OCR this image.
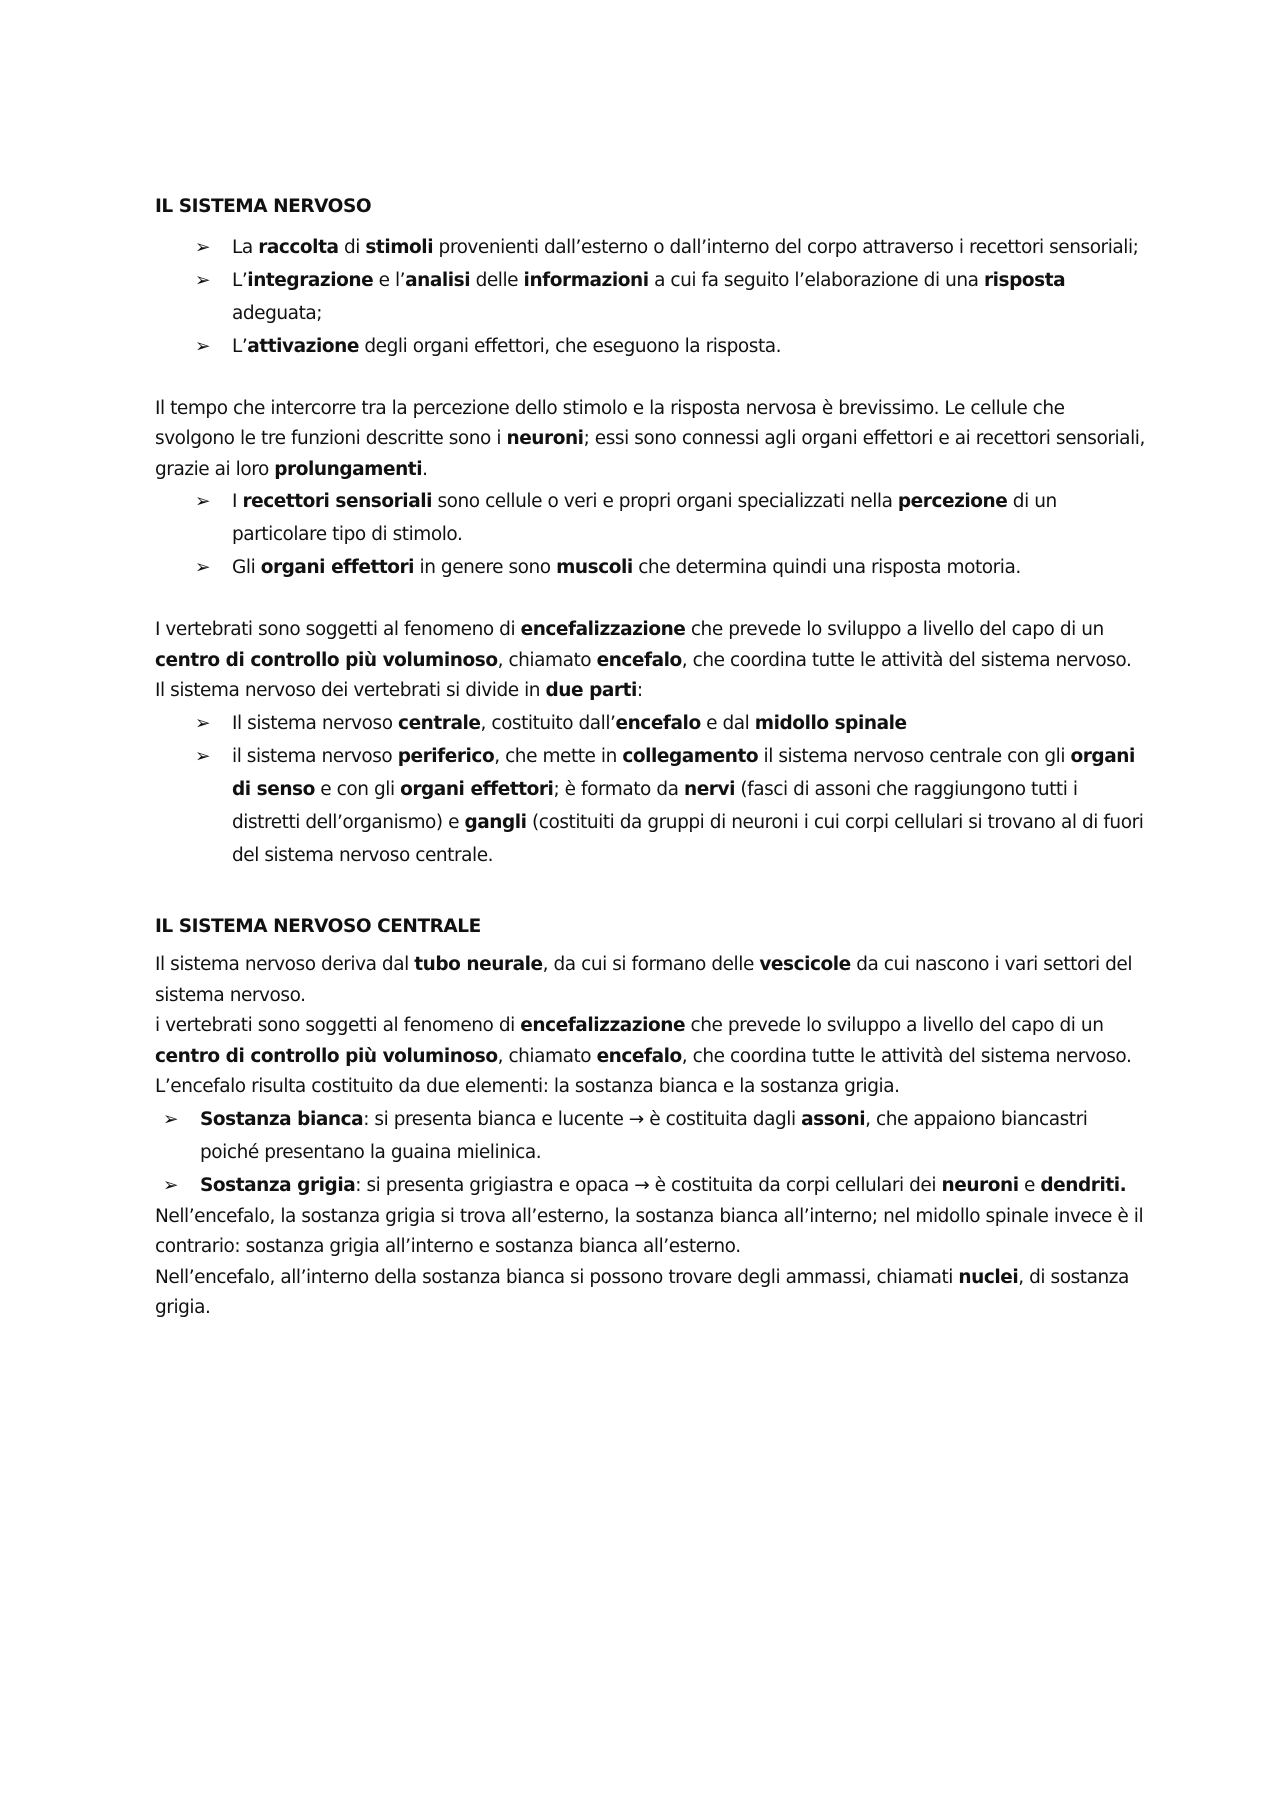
IL SISTEMA NERVOSO

➢	La raccolta di stimoli provenienti dall’esterno o dall’interno del corpo attraverso i recettori sensoriali;
➢	L’integrazione e l’analisi delle informazioni a cui fa seguito l’elaborazione di una risposta adeguata;
➢	L’attivazione degli organi effettori, che eseguono la risposta.

Il tempo che intercorre tra la percezione dello stimolo e la risposta nervosa è brevissimo. Le cellule che svolgono le tre funzioni descritte sono i neuroni; essi sono connessi agli organi effettori e ai recettori sensoriali, grazie ai loro prolungamenti.

➢	I recettori sensoriali sono cellule o veri e propri organi specializzati nella percezione di un particolare tipo di stimolo.
➢	Gli organi effettori in genere sono muscoli che determina quindi una risposta motoria.

I vertebrati sono soggetti al fenomeno di encefalizzazione che prevede lo sviluppo a livello del capo di un centro di controllo più voluminoso, chiamato encefalo, che coordina tutte le attività del sistema nervoso.

Il sistema nervoso dei vertebrati si divide in due parti:

➢	Il sistema nervoso centrale, costituito dall’encefalo e dal midollo spinale
➢	il sistema nervoso periferico, che mette in collegamento il sistema nervoso centrale con gli organi di senso e con gli organi effettori; è formato da nervi (fasci di assoni che raggiungono tutti i distretti dell’organismo) e gangli (costituiti da gruppi di neuroni i cui corpi cellulari si trovano al di fuori del sistema nervoso centrale.
IL SISTEMA NERVOSO CENTRALE

Il sistema nervoso deriva dal tubo neurale, da cui si formano delle vescicole da cui nascono i vari settori del sistema nervoso.

i vertebrati sono soggetti al fenomeno di encefalizzazione che prevede lo sviluppo a livello del capo di un centro di controllo più voluminoso, chiamato encefalo, che coordina tutte le attività del sistema nervoso.

L’encefalo risulta costituito da due elementi: la sostanza bianca e la sostanza grigia.

➢	Sostanza bianca: si presenta bianca e lucente → è costituita dagli assoni, che appaiono biancastri poiché presentano la guaina mielinica.
➢	Sostanza grigia: si presenta grigiastra e opaca → è costituita da corpi cellulari dei neuroni e dendriti.

Nell’encefalo, la sostanza grigia si trova all’esterno, la sostanza bianca all’interno; nel midollo spinale invece è il contrario: sostanza grigia all’interno e sostanza bianca all’esterno.

Nell’encefalo, all’interno della sostanza bianca si possono trovare degli ammassi, chiamati nuclei, di sostanza grigia.
